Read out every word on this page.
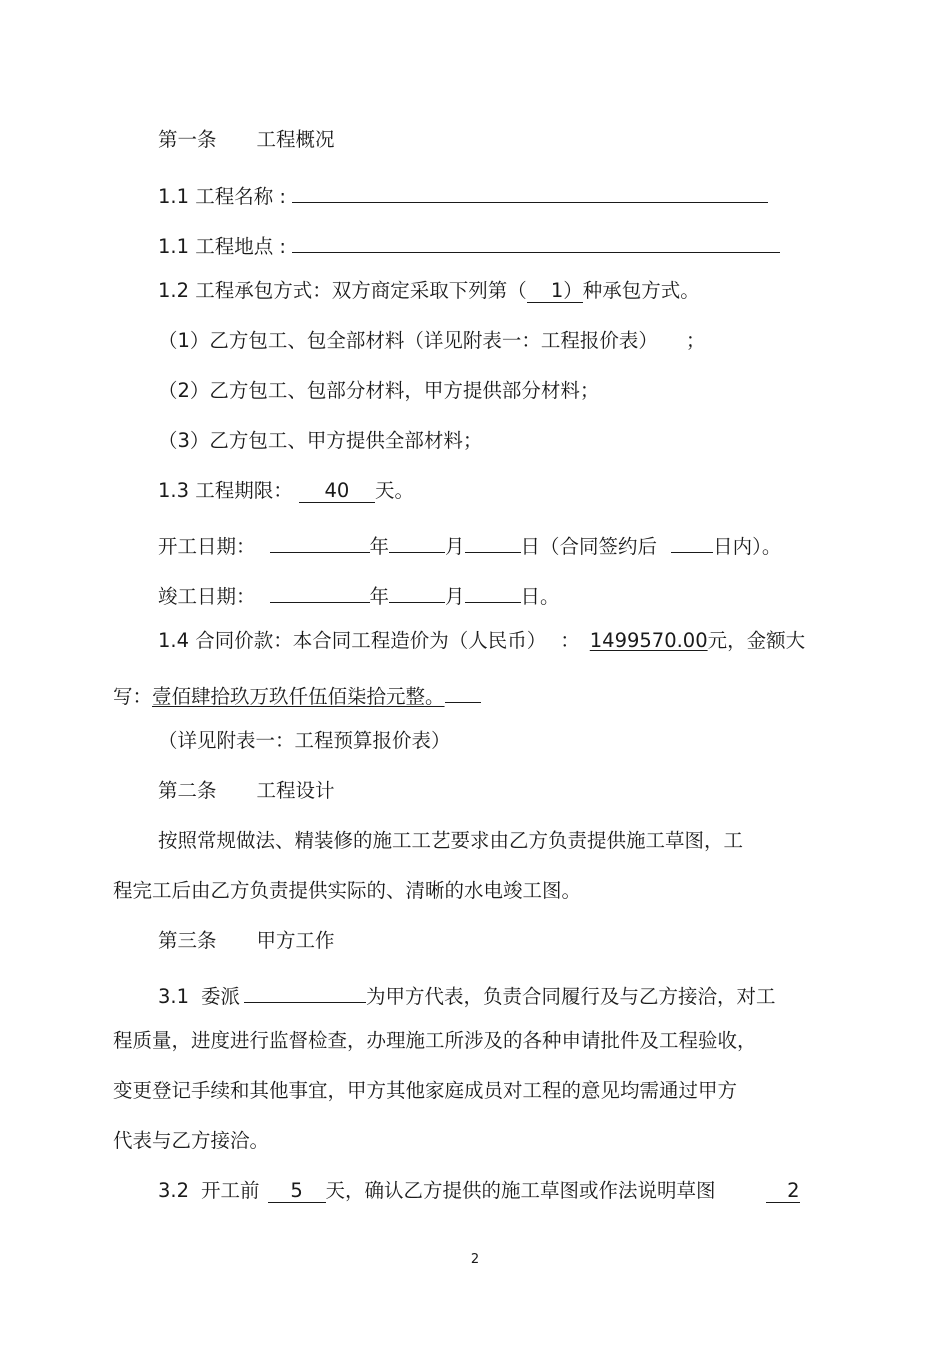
第一条 工程概况
1.1 工程名称 :
1.1 工程地点 :
1.2 工程承包方式：双方商定采取下列第（ 1）种承包方式。
（1）乙方包工、包全部材料（详见附表一：工程报价表） ；
（2）乙方包工、包部分材料，甲方提供部分材料；
（3）乙方包工、甲方提供全部材料；
1.3 工程期限： 40 天。
开工日期：	年	月	日（合同签约后	日内）。
竣工日期：	年	月	日。
1.4 合同价款：本合同工程造价为（人民币） ： 1499570.00元，金额大
写：壹佰肆拾玖万玖仟伍佰柒拾元整。
（详见附表一：工程预算报价表）
第二条 工程设计
按照常规做法、精装修的施工工艺要求由乙方负责提供施工草图，工
程完工后由乙方负责提供实际的、清晰的水电竣工图。
第三条 甲方工作
3.1 委派	为甲方代表，负责合同履行及与乙方接洽，对工
程质量，进度进行监督检查，办理施工所涉及的各种申请批件及工程验收，
变更登记手续和其他事宜，甲方其他家庭成员对工程的意见均需通过甲方
代表与乙方接洽。
3.2 开工前 5 天，确认乙方提供的施工草图或作法说明草图	2
2
